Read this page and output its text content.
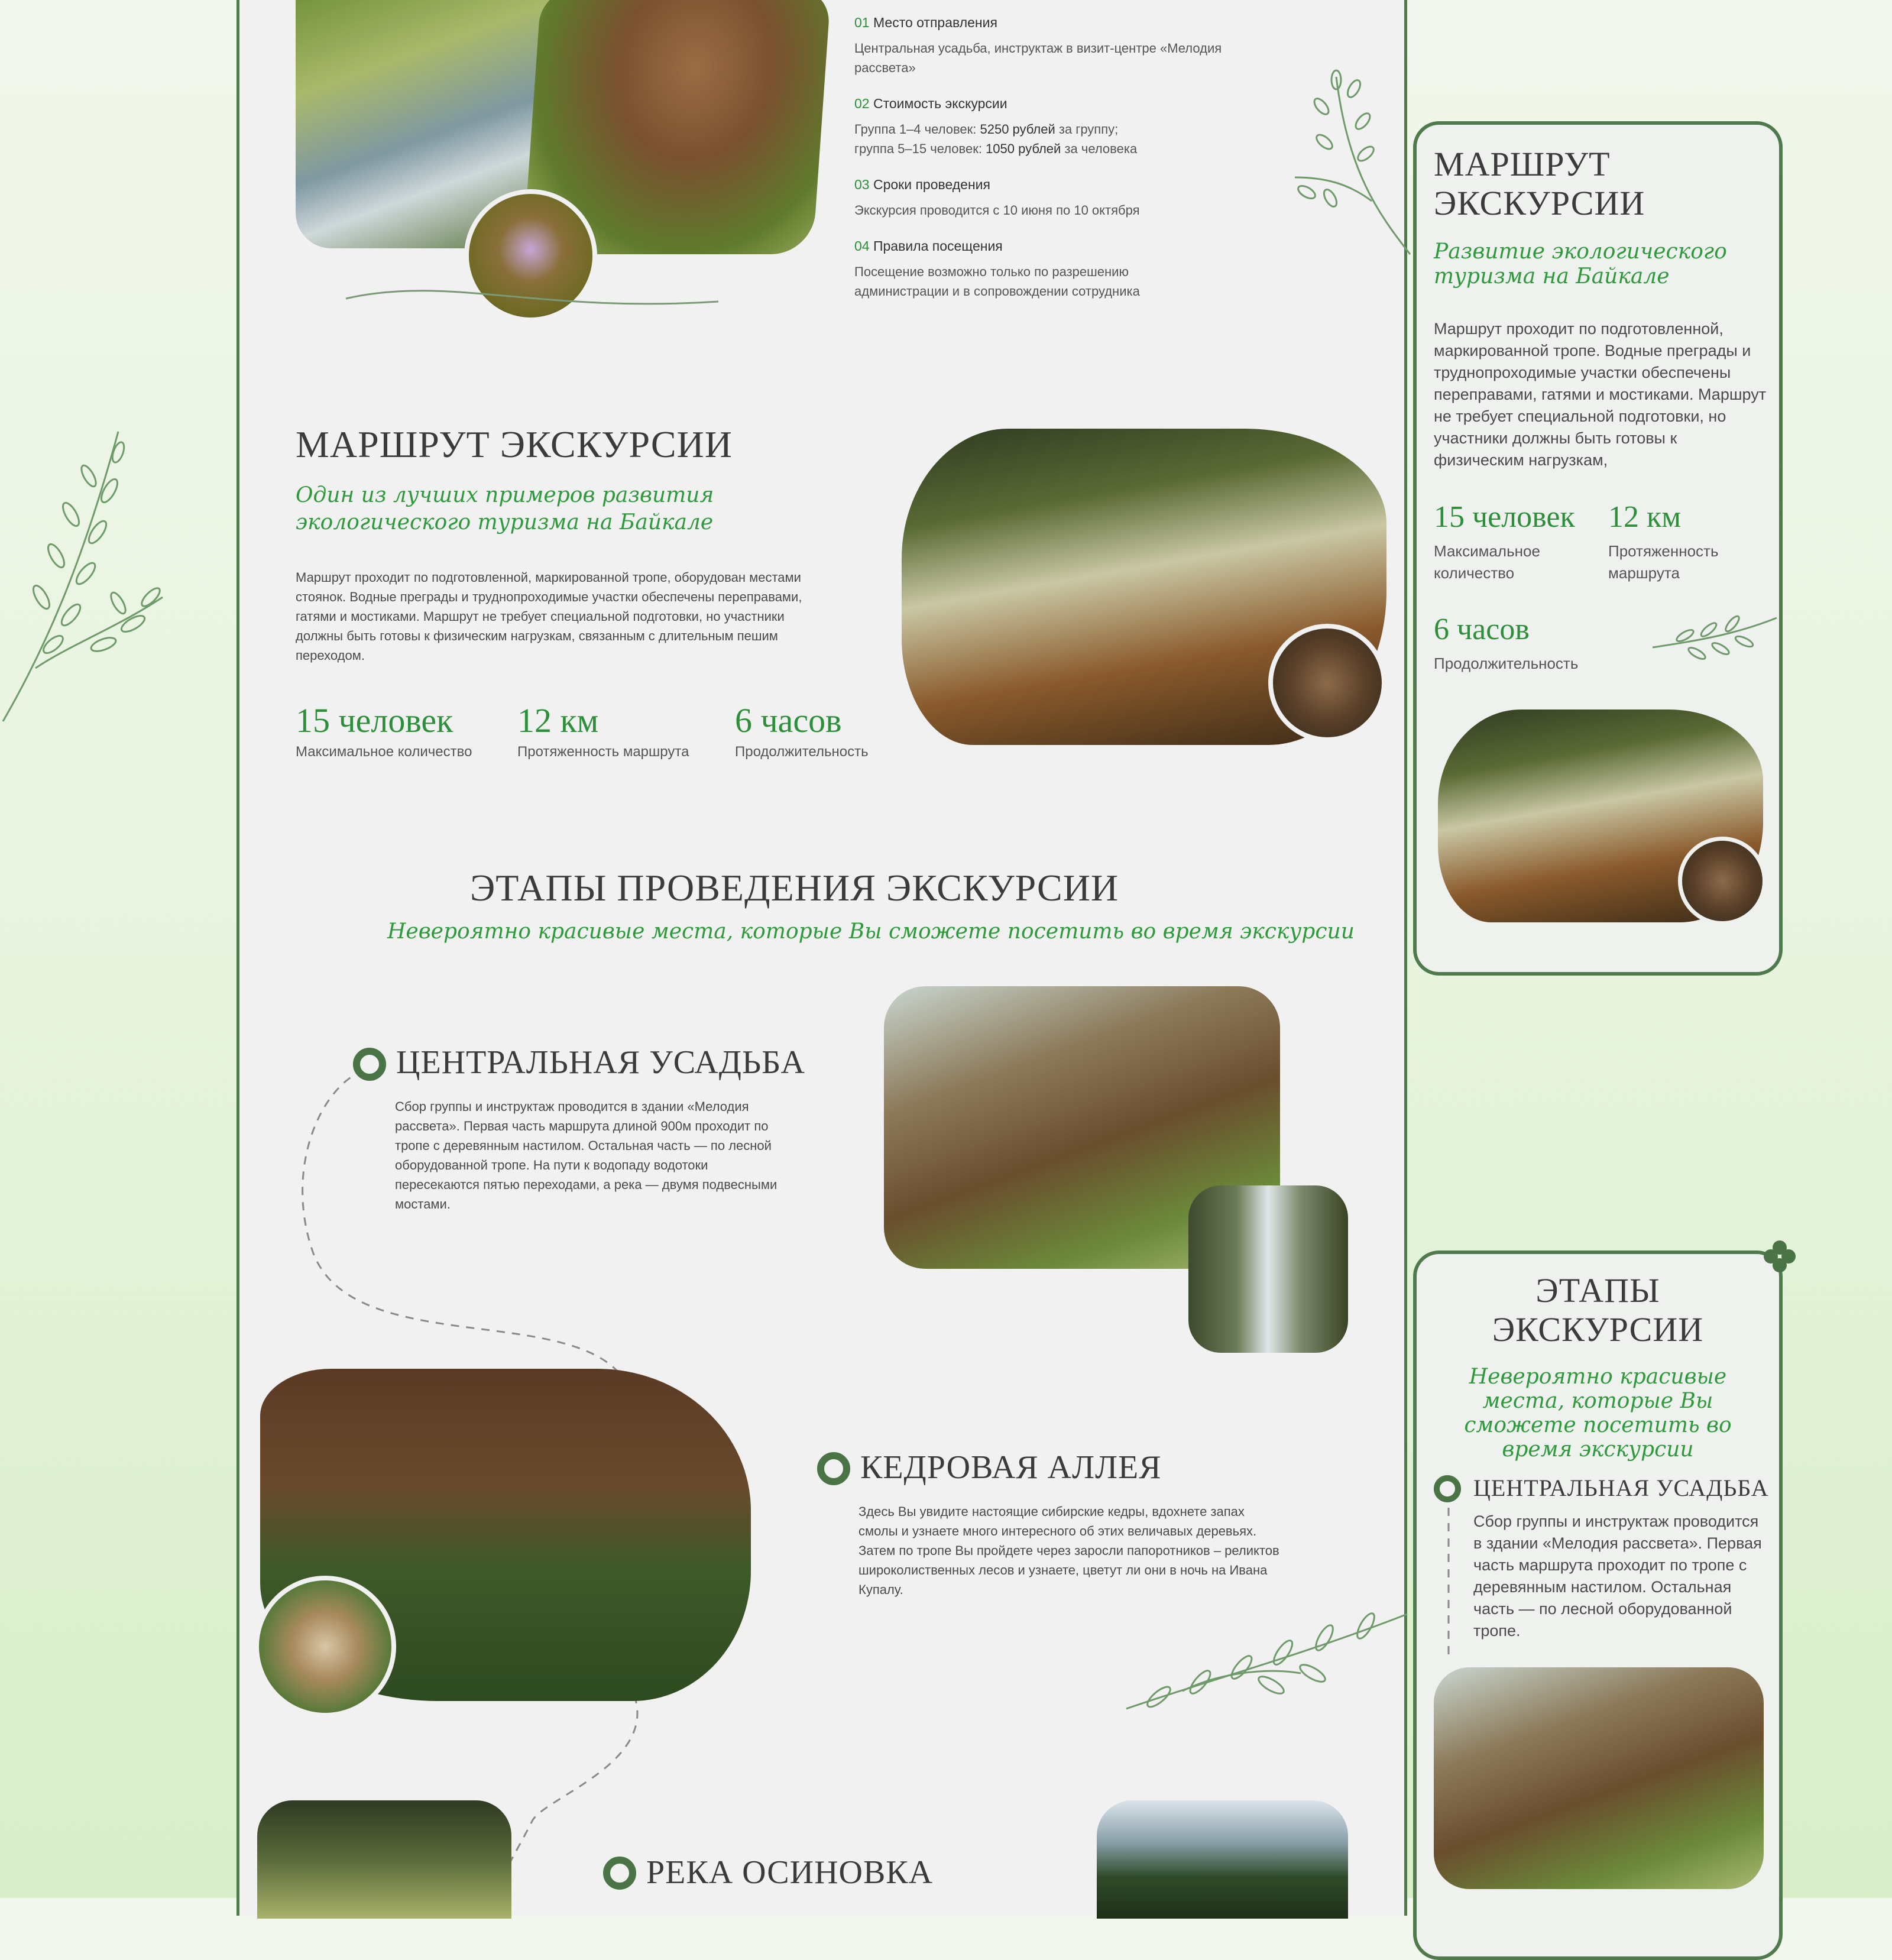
01 Место отправления
Центральная усадьба, инструктаж в визит-центре «Мелодия рассвета»
02 Стоимость экскурсии
Группа 1–4 человек: 5250 рублей за группу;
группа 5–15 человек: 1050 рублей за человека
03 Сроки проведения
Экскурсия проводится с 10 июня по 10 октября
04 Правила посещения
Посещение возможно только по разрешению администрации и в сопровождении сотрудника
МАРШРУТ ЭКСКУРСИИ
Один из лучших примеров развития экологического туризма на Байкале
Маршрут проходит по подготовленной, маркированной тропе, оборудован местами стоянок. Водные преграды и труднопроходимые участки обеспечены переправами, гатями и мостиками. Маршрут не требует специальной подготовки, но участники должны быть готовы к физическим нагрузкам, связанным с длительным пешим переходом.
15 человек
Максимальное количество
12 км
Протяженность маршрута
6 часов
Продолжительность
ЭТАПЫ ПРОВЕДЕНИЯ ЭКСКУРСИИ
Невероятно красивые места, которые Вы сможете посетить во время экскурсии
ЦЕНТРАЛЬНАЯ УСАДЬБА
Сбор группы и инструктаж проводится в здании «Мелодия рассвета». Первая часть маршрута длиной 900м проходит по тропе с деревянным настилом. Остальная часть — по лесной оборудованной тропе. На пути к водопаду водотоки пересекаются пятью переходами, а река — двумя подвесными мостами.
КЕДРОВАЯ АЛЛЕЯ
Здесь Вы увидите настоящие сибирские кедры, вдохнете запах смолы и узнаете много интересного об этих величавых деревьях. Затем по тропе Вы пройдете через заросли папоротников – реликтов широколиственных лесов и узнаете, цветут ли они в ночь на Ивана Купалу.
РЕКА ОСИНОВКА
МАРШРУТ
ЭКСКУРСИИ
Развитие экологического туризма на Байкале
Маршрут проходит по подготовленной, маркированной тропе. Водные преграды и труднопроходимые участки обеспечены переправами, гатями и мостиками. Маршрут не требует специальной подготовки, но участники должны быть готовы к физическим нагрузкам,
15 человек
Максимальное
количество
12 км
Протяженность
маршрута
6 часов
Продолжительность
ЭТАПЫ
ЭКСКУРСИИ
Невероятно красивые места, которые Вы сможете посетить во время экскурсии
ЦЕНТРАЛЬНАЯ УСАДЬБА
Сбор группы и инструктаж проводится в здании «Мелодия рассвета». Первая часть маршрута проходит по тропе с деревянным настилом. Остальная часть — по лесной оборудованной тропе.
